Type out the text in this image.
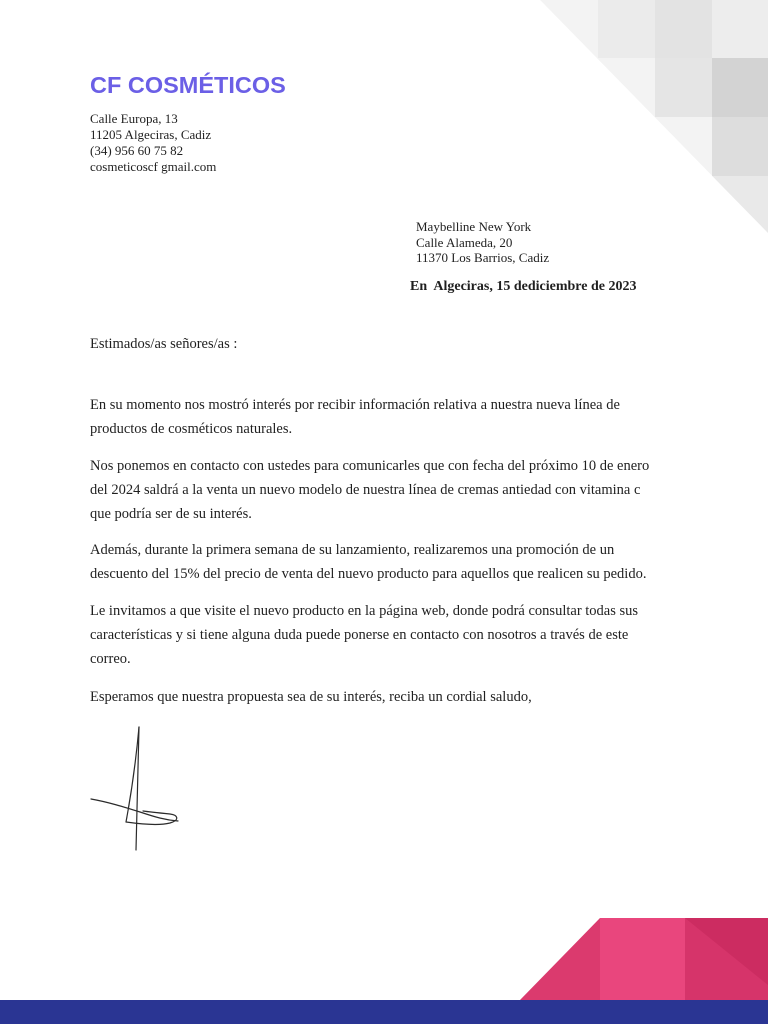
CF COSMÉTICOS
Calle Europa, 13
11205 Algeciras, Cadiz
(34) 956 60 75 82
cosmeticoscf gmail.com
Maybelline New York
Calle Alameda, 20
11370 Los Barrios, Cadiz
En  Algeciras, 15 dediciembre de 2023
Estimados/as señores/as :
En su momento nos mostró interés por recibir información relativa a nuestra nueva línea de
productos de cosméticos naturales.
Nos ponemos en contacto con ustedes para comunicarles que con fecha del próximo 10 de enero
del 2024 saldrá a la venta un nuevo modelo de nuestra línea de cremas antiedad con vitamina c
que podría ser de su interés.
Además, durante la primera semana de su lanzamiento, realizaremos una promoción de un
descuento del 15% del precio de venta del nuevo producto para aquellos que realicen su pedido.
Le invitamos a que visite el nuevo producto en la página web, donde podrá consultar todas sus
características y si tiene alguna duda puede ponerse en contacto con nosotros a través de este
correo.
Esperamos que nuestra propuesta sea de su interés, reciba un cordial saludo,
